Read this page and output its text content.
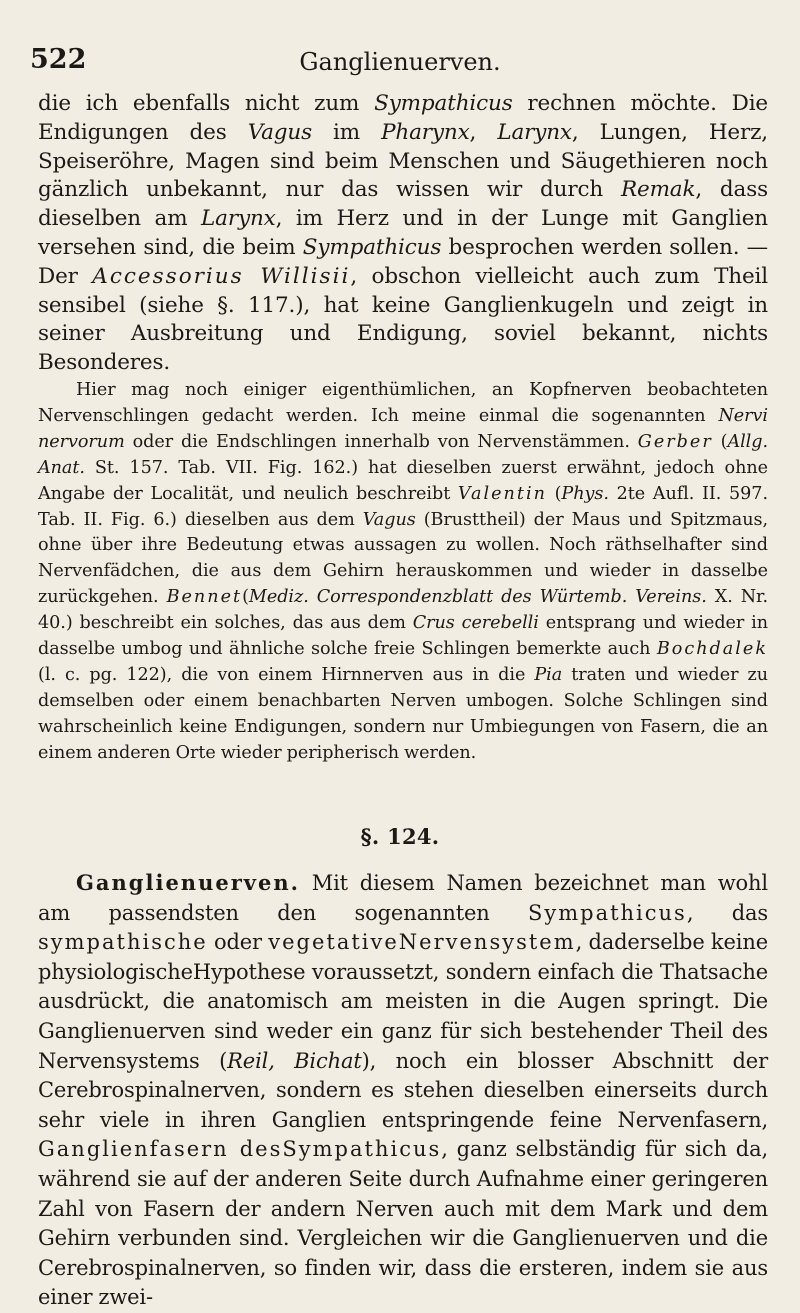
522	Ganglienuerven.

die ich ebenfalls nicht zum Sympathicus rechnen möchte. Die Endigungen des Vagus im Pharynx, Larynx, Lungen, Herz, Speiseröhre, Magen sind beim Menschen und Säugethieren noch gänzlich unbekannt, nur das wissen wir durch Remak, dass dieselben am Larynx, im Herz und in der Lunge mit Ganglien versehen sind, die beim Sympathicus besprochen werden sollen. — Der Accessorius Willisii, obschon vielleicht auch zum Theil sensibel (siehe §. 117.), hat keine Ganglienkugeln und zeigt in seiner Ausbreitung und Endigung, soviel bekannt, nichts Besonderes.

Hier mag noch einiger eigenthümlichen, an Kopfnerven beobachteten Nervenschlingen gedacht werden. Ich meine einmal die sogenannten Nervi nervorum oder die Endschlingen innerhalb von Nervenstämmen. Gerber (Allg. Anat. St. 157. Tab. VII. Fig. 162.) hat dieselben zuerst erwähnt, jedoch ohne Angabe der Localität, und neulich beschreibt Valentin (Phys. 2te Aufl. II. 597. Tab. II. Fig. 6.) dieselben aus dem Vagus (Brusttheil) der Maus und Spitzmaus, ohne über ihre Bedeutung etwas aussagen zu wollen. Noch räthselhafter sind Nervenfädchen, die aus dem Gehirn herauskommen und wieder in dasselbe zurückgehen. Bennet(Mediz. Correspondenzblatt des Würtemb. Vereins. X. Nr. 40.) beschreibt ein solches, das aus dem Crus cerebelli entsprang und wieder in dasselbe umbog und ähnliche solche freie Schlingen bemerkte auch Bochdalek (l. c. pg. 122), die von einem Hirnnerven aus in die Pia traten und wieder zu demselben oder einem benachbarten Nerven umbogen. Solche Schlingen sind wahrscheinlich keine Endigungen, sondern nur Umbiegungen von Fasern, die an einem anderen Orte wieder peripherisch werden.

§. 124.

Ganglienuerven. Mit diesem Namen bezeichnet man wohl am passendsten den sogenannten Sympathicus, das sympathische oder vegetativeNervensystem, daderselbe keine physiologischeHypothese voraussetzt, sondern einfach die Thatsache ausdrückt, die anatomisch am meisten in die Augen springt. Die Ganglienuerven sind weder ein ganz für sich bestehender Theil des Nervensystems (Reil, Bichat), noch ein blosser Abschnitt der Cerebrospinalnerven, sondern es stehen dieselben einerseits durch sehr viele in ihren Ganglien entspringende feine Nervenfasern, Ganglienfasern desSympathicus, ganz selbständig für sich da, während sie auf der anderen Seite durch Aufnahme einer geringeren Zahl von Fasern der andern Nerven auch mit dem Mark und dem Gehirn verbunden sind. Vergleichen wir die Ganglienuerven und die Cerebrospinalnerven, so finden wir, dass die ersteren, indem sie aus einer zwei-
